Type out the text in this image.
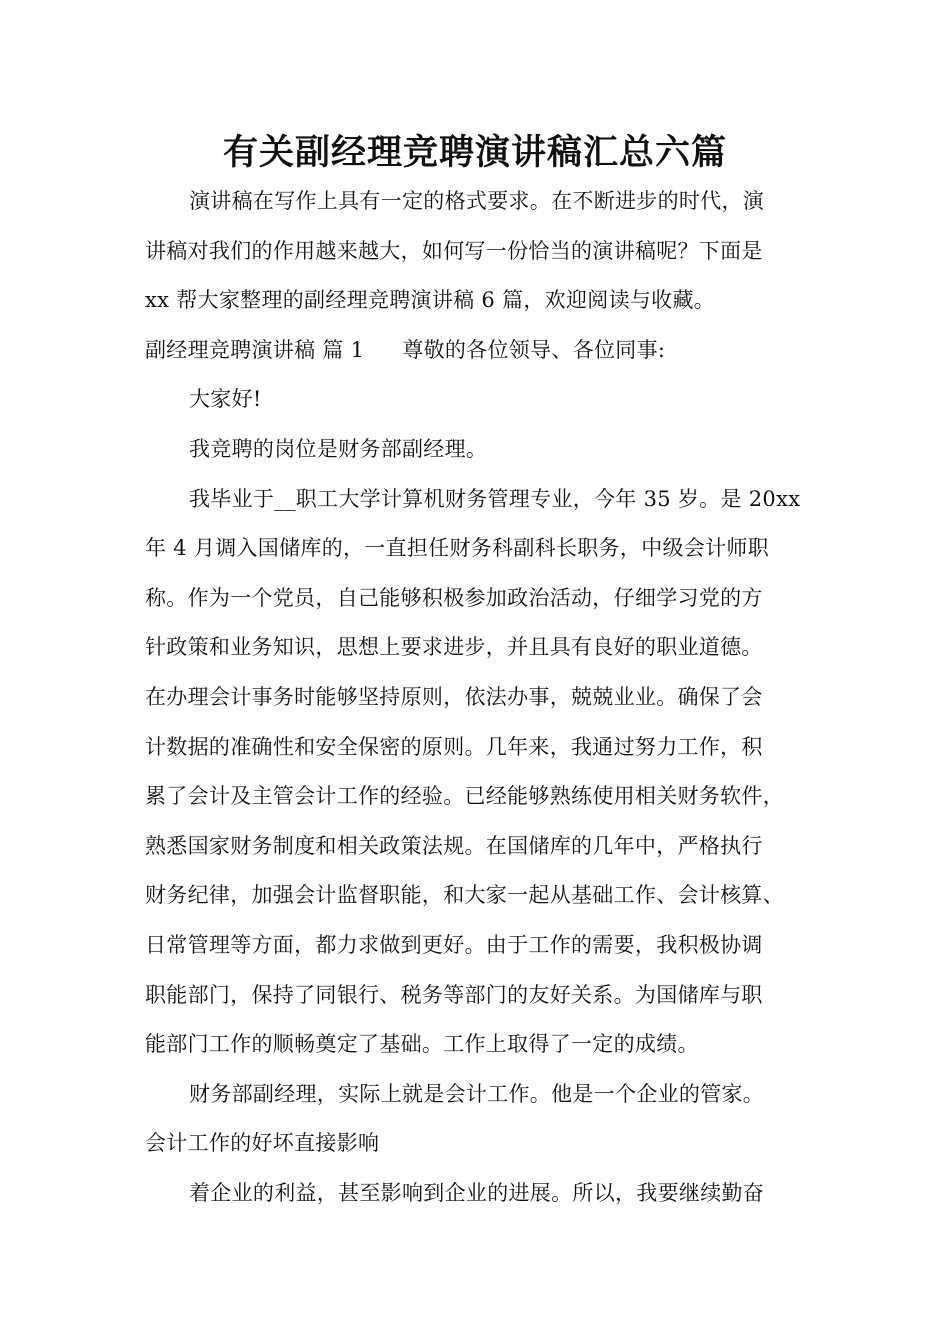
有关副经理竞聘演讲稿汇总六篇
演讲稿在写作上具有一定的格式要求。在不断进步的时代，演
讲稿对我们的作用越来越大，如何写一份恰当的演讲稿呢？下面是
xx 帮大家整理的副经理竞聘演讲稿 6 篇，欢迎阅读与收藏。
副经理竞聘演讲稿 篇 1 尊敬的各位领导、各位同事:
大家好!
我竞聘的岗位是财务部副经理。
我毕业于__职工大学计算机财务管理专业，今年 35 岁。是 20xx
年 4 月调入国储库的，一直担任财务科副科长职务，中级会计师职
称。作为一个党员，自己能够积极参加政治活动，仔细学习党的方
针政策和业务知识，思想上要求进步，并且具有良好的职业道德。
在办理会计事务时能够坚持原则，依法办事，兢兢业业。确保了会
计数据的准确性和安全保密的原则。几年来，我通过努力工作，积
累了会计及主管会计工作的经验。已经能够熟练使用相关财务软件，
熟悉国家财务制度和相关政策法规。在国储库的几年中，严格执行
财务纪律，加强会计监督职能，和大家一起从基础工作、会计核算、
日常管理等方面，都力求做到更好。由于工作的需要，我积极协调
职能部门，保持了同银行、税务等部门的友好关系。为国储库与职
能部门工作的顺畅奠定了基础。工作上取得了一定的成绩。
财务部副经理，实际上就是会计工作。他是一个企业的管家。
会计工作的好坏直接影响
着企业的利益，甚至影响到企业的进展。所以，我要继续勤奋
